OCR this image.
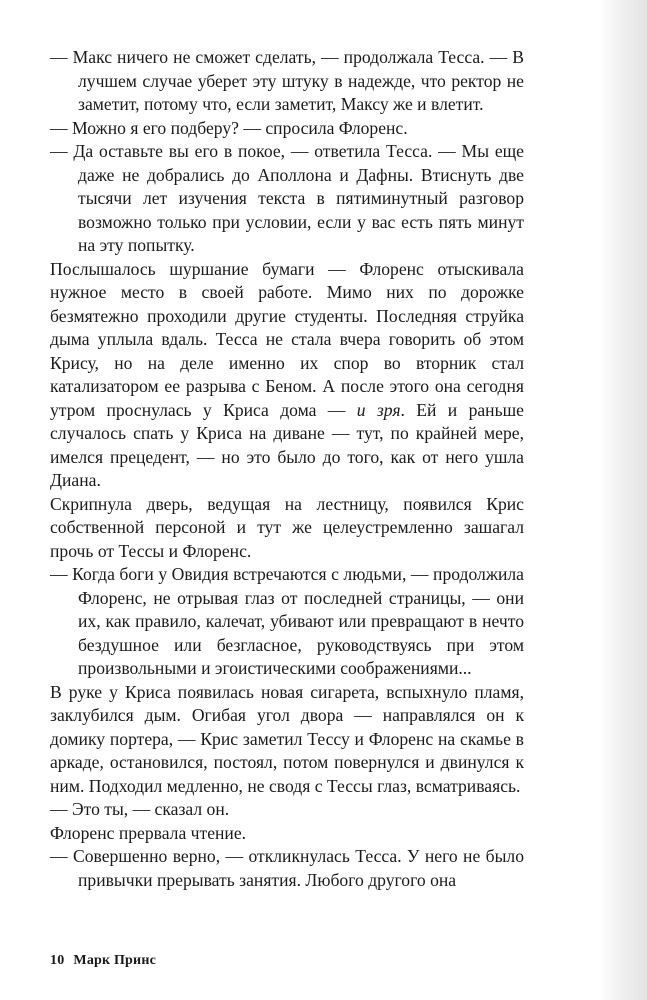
— Макс ничего не сможет сделать, — продолжала Тесса. — В лучшем случае уберет эту штуку в надежде, что ректор не заметит, потому что, если заметит, Максу же и влетит.

— Можно я его подберу? — спросила Флоренс.

— Да оставьте вы его в покое, — ответила Тесса. — Мы еще даже не добрались до Аполлона и Дафны. Втиснуть две тысячи лет изучения текста в пятиминутный разговор возможно только при условии, если у вас есть пять минут на эту попытку.

Послышалось шуршание бумаги — Флоренс отыскивала нужное место в своей работе. Мимо них по дорожке безмятежно проходили другие студенты. Последняя струйка дыма уплыла вдаль. Тесса не стала вчера говорить об этом Крису, но на деле именно их спор во вторник стал катализатором ее разрыва с Беном. А после этого она сегодня утром проснулась у Криса дома — и зря. Ей и раньше случалось спать у Криса на диване — тут, по крайней мере, имелся прецедент, — но это было до того, как от него ушла Диана.

Скрипнула дверь, ведущая на лестницу, появился Крис собственной персоной и тут же целеустремленно зашагал прочь от Тессы и Флоренс.

— Когда боги у Овидия встречаются с людьми, — продолжила Флоренс, не отрывая глаз от последней страницы, — они их, как правило, калечат, убивают или превращают в нечто бездушное или безгласное, руководствуясь при этом произвольными и эгоистическими соображениями...

В руке у Криса появилась новая сигарета, вспыхнуло пламя, заклубился дым. Огибая угол двора — направлялся он к домику портера, — Крис заметил Тессу и Флоренс на скамье в аркаде, остановился, постоял, потом повернулся и двинулся к ним. Подходил медленно, не сводя с Тессы глаз, всматриваясь.

— Это ты, — сказал он.

Флоренс прервала чтение.

— Совершенно верно, — откликнулась Тесса. У него не было привычки прерывать занятия. Любого другого она

10 Марк Принс
